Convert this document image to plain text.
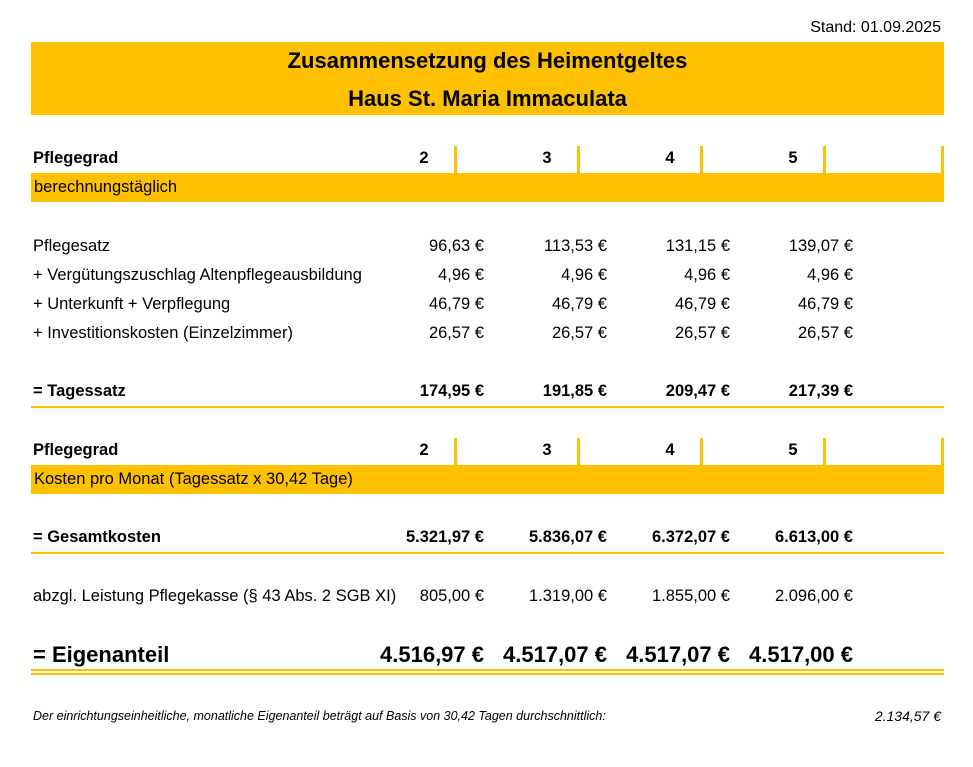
Stand: 01.09.2025
Zusammensetzung des Heimentgeltes
Haus St. Maria Immaculata
Pflegegrad	2	3	4	5
berechnungstäglich
Pflegesatz	96,63 €	113,53 €	131,15 €	139,07 €
+ Vergütungszuschlag Altenpflegeausbildung	4,96 €	4,96 €	4,96 €	4,96 €
+ Unterkunft + Verpflegung	46,79 €	46,79 €	46,79 €	46,79 €
+ Investitionskosten (Einzelzimmer)	26,57 €	26,57 €	26,57 €	26,57 €
= Tagessatz	174,95 €	191,85 €	209,47 €	217,39 €
Pflegegrad	2	3	4	5
Kosten pro Monat (Tagessatz x 30,42 Tage)
= Gesamtkosten	5.321,97 €	5.836,07 €	6.372,07 €	6.613,00 €
abzgl. Leistung Pflegekasse (§ 43 Abs. 2 SGB XI)	805,00 €	1.319,00 €	1.855,00 €	2.096,00 €
= Eigenanteil	4.516,97 € 4.517,07 € 4.517,07 € 4.517,00 €
Der einrichtungseinheitliche, monatliche Eigenanteil beträgt auf Basis von 30,42 Tagen durchschnittlich:	2.134,57 €
